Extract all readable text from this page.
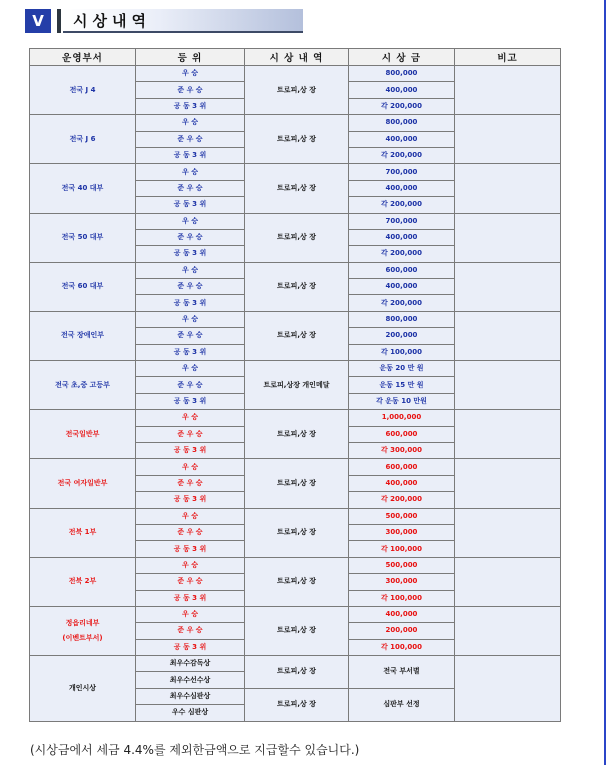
V	시상내역
운영부서	등 위	시 상 내 역	시 상 금	비고
전국 J 4	우 승	트로피,상 장	800,000	
	준 우 승		400,000	
	공 동 3 위		각 200,000	
전국 J 6	우 승	트로피,상 장	800,000	
	준 우 승		400,000	
	공 동 3 위		각 200,000	
전국 40 대부	우 승	트로피,상 장	700,000	
	준 우 승		400,000	
	공 동 3 위		각 200,000	
전국 50 대부	우 승	트로피,상 장	700,000	
	준 우 승		400,000	
	공 동 3 위		각 200,000	
전국 60 대부	우 승	트로피,상 장	600,000	
	준 우 승		400,000	
	공 동 3 위		각 200,000	
전국 장애인부	우 승	트로피,상 장	800,000	
	준 우 승		200,000	
	공 동 3 위		각 100,000	
전국 초,중 고등부	우 승	트로피,상장 개인메달	운동 20 만 원	
	준 우 승		운동 15 만 원	
	공 동 3 위		각 운동 10 만원	
전국일반부	우 승	트로피,상 장	1,000,000	
	준 우 승		600,000	
	공 동 3 위		각 300,000	
전국 여자일반부	우 승	트로피,상 장	600,000	
	준 우 승		400,000	
	공 동 3 위		각 200,000	
전북 1부	우 승	트로피,상 장	500,000	
	준 우 승		300,000	
	공 동 3 위		각 100,000	
전북 2부	우 승	트로피,상 장	500,000	
	준 우 승		300,000	
	공 동 3 위		각 100,000	
정읍리네부
(이벤트부서)	우 승	트로피,상 장	400,000	
	준 우 승		200,000	
	공 동 3 위		각 100,000	
개인시상	최우수감독상	트로피,상 장	전국 부서별	
	최우수선수상			
	최우수심판상	트로피,상 장	심판부 선정	
	우수 심판상			
(시상금에서 세금 4.4%를 제외한금액으로 지급할수 있습니다.)
